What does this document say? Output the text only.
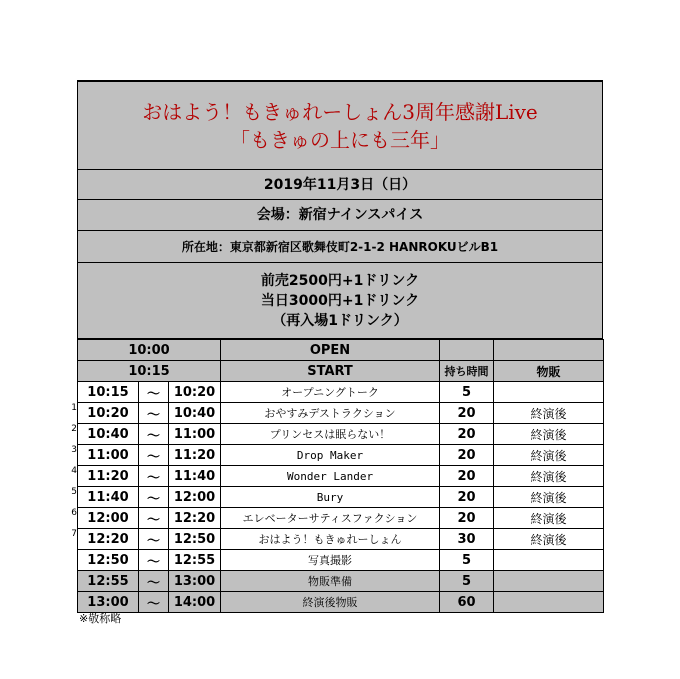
おはよう！もきゅれーしょん3周年感謝Live
「もきゅの上にも三年」
2019年11月3日（日）
会場：新宿ナインスパイス
所在地：東京都新宿区歌舞伎町2-1-2 HANROKUビルB1
前売2500円+1ドリンク
当日3000円+1ドリンク
（再入場1ドリンク）
10:00			OPEN		
10:15			START	持ち時間	物販
10:15	～	10:20	オープニングトーク	5	
10:20	～	10:40	おやすみデストラクション	20	終演後
10:40	～	11:00	プリンセスは眠らない！	20	終演後
11:00	～	11:20	Drop Maker	20	終演後
11:20	～	11:40	Wonder Lander	20	終演後
11:40	～	12:00	Bury	20	終演後
12:00	～	12:20	エレベーターサティスファクション	20	終演後
12:20	～	12:50	おはよう！もきゅれーしょん	30	終演後
12:50	～	12:55	写真撮影	5	
12:55	～	13:00	物販準備	5	
13:00	～	14:00	終演後物販	60	
1
2
3
4
5
6
7
※敬称略
